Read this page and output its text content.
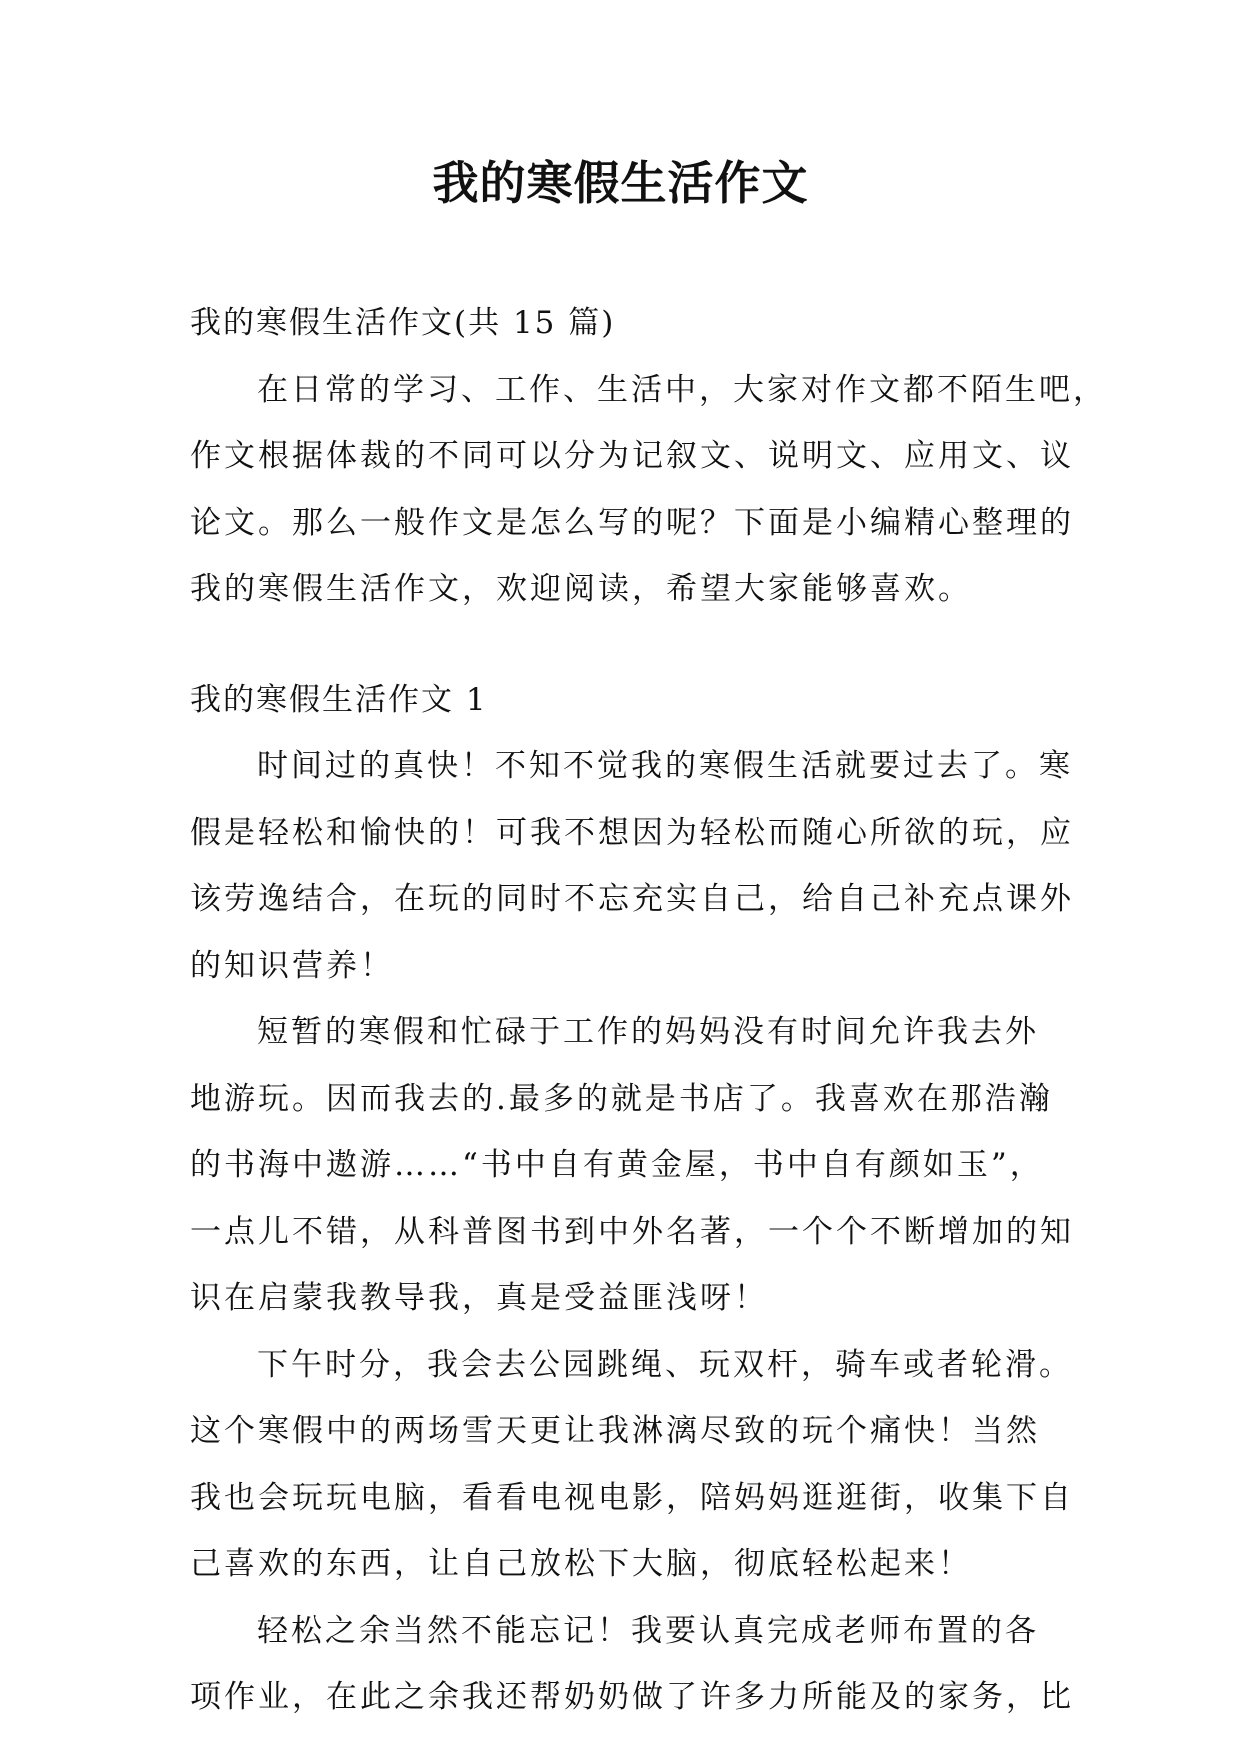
我的寒假生活作文

我的寒假生活作文(共 15 篇)

在日常的学习、工作、生活中，大家对作文都不陌生吧，
作文根据体裁的不同可以分为记叙文、说明文、应用文、议
论文。那么一般作文是怎么写的呢？下面是小编精心整理的
我的寒假生活作文，欢迎阅读，希望大家能够喜欢。

我的寒假生活作文 1

时间过的真快！不知不觉我的寒假生活就要过去了。寒
假是轻松和愉快的！可我不想因为轻松而随心所欲的玩，应
该劳逸结合，在玩的同时不忘充实自己，给自己补充点课外
的知识营养！

短暂的寒假和忙碌于工作的妈妈没有时间允许我去外
地游玩。因而我去的.最多的就是书店了。我喜欢在那浩瀚
的书海中遨游……“书中自有黄金屋，书中自有颜如玉”，
一点儿不错，从科普图书到中外名著，一个个不断增加的知
识在启蒙我教导我，真是受益匪浅呀！

下午时分，我会去公园跳绳、玩双杆，骑车或者轮滑。
这个寒假中的两场雪天更让我淋漓尽致的玩个痛快！当然
我也会玩玩电脑，看看电视电影，陪妈妈逛逛街，收集下自
己喜欢的东西，让自己放松下大脑，彻底轻松起来！

轻松之余当然不能忘记！我要认真完成老师布置的各
项作业，在此之余我还帮奶奶做了许多力所能及的家务，比
